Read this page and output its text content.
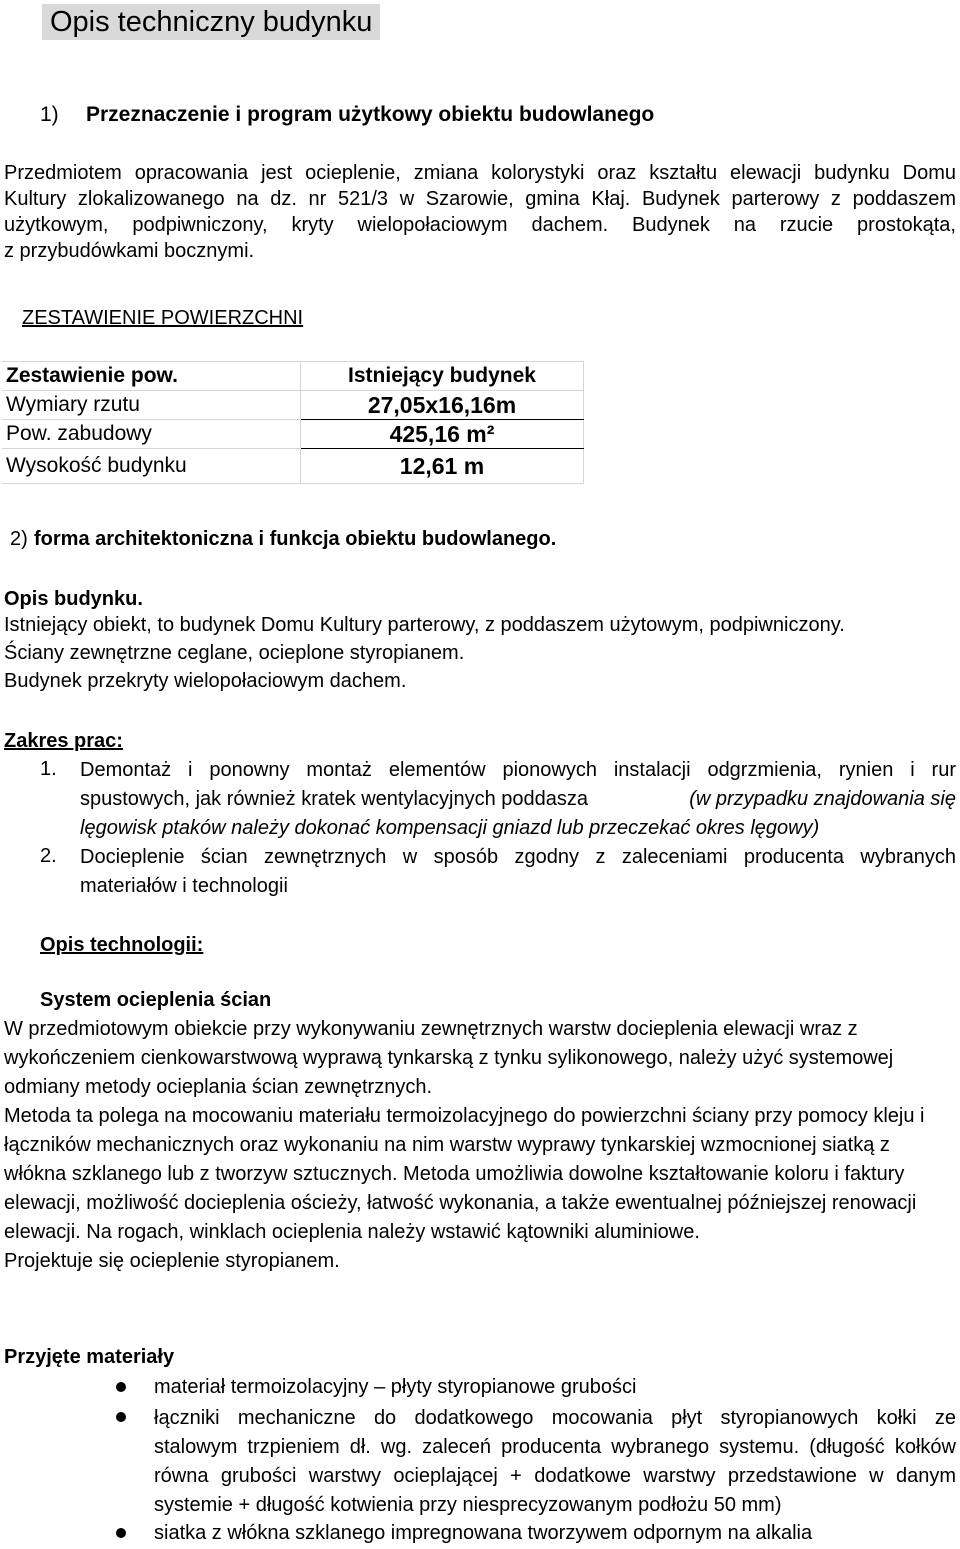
Opis techniczny budynku
1) Przeznaczenie i program użytkowy obiektu budowlanego
Przedmiotem opracowania jest ocieplenie, zmiana kolorystyki oraz kształtu elewacji budynku Domu
Kultury zlokalizowanego na dz. nr 521/3 w Szarowie, gmina Kłaj. Budynek parterowy z poddaszem
użytkowym, podpiwniczony, kryty wielopołaciowym dachem. Budynek na rzucie prostokąta,
z przybudówkami bocznymi.
ZESTAWIENIE POWIERZCHNI
Zestawienie pow.	Istniejący budynek
Wymiary rzutu	27,05x16,16m
Pow. zabudowy	425,16 m²
Wysokość budynku	12,61 m
2) forma architektoniczna i funkcja obiektu budowlanego.
Opis budynku.
Istniejący obiekt, to budynek Domu Kultury parterowy, z poddaszem użytowym, podpiwniczony.
Ściany zewnętrzne ceglane, ocieplone styropianem.
Budynek przekryty wielopołaciowym dachem.
Zakres prac:
1. Demontaż i ponowny montaż elementów pionowych instalacji odgrzmienia, rynien i rur
spustowych, jak również kratek wentylacyjnych poddasza	(w przypadku znajdowania się
lęgowisk ptaków należy dokonać kompensacji gniazd lub przeczekać okres lęgowy)
2. Docieplenie ścian zewnętrznych w sposób zgodny z zaleceniami producenta wybranych
materiałów i technologii
Opis technologii:
System ocieplenia ścian
W przedmiotowym obiekcie przy wykonywaniu zewnętrznych warstw docieplenia elewacji wraz z
wykończeniem cienkowarstwową wyprawą tynkarską z tynku sylikonowego, należy użyć systemowej
odmiany metody ocieplania ścian zewnętrznych.
Metoda ta polega na mocowaniu materiału termoizolacyjnego do powierzchni ściany przy pomocy kleju i
łączników mechanicznych oraz wykonaniu na nim warstw wyprawy tynkarskiej wzmocnionej siatką z
włókna szklanego lub z tworzyw sztucznych. Metoda umożliwia dowolne kształtowanie koloru i faktury
elewacji, możliwość docieplenia ościeży, łatwość wykonania, a także ewentualnej późniejszej renowacji
elewacji. Na rogach, winklach ocieplenia należy wstawić kątowniki aluminiowe.
Projektuje się ocieplenie styropianem.
Przyjęte materiały
materiał termoizolacyjny – płyty styropianowe grubości
łączniki mechaniczne do dodatkowego mocowania płyt styropianowych kołki ze
stalowym trzpieniem dł. wg. zaleceń producenta wybranego systemu. (długość kołków
równa grubości warstwy ocieplającej + dodatkowe warstwy przedstawione w danym
systemie + długość kotwienia przy niesprecyzowanym podłożu 50 mm)
siatka z włókna szklanego impregnowana tworzywem odpornym na alkalia
